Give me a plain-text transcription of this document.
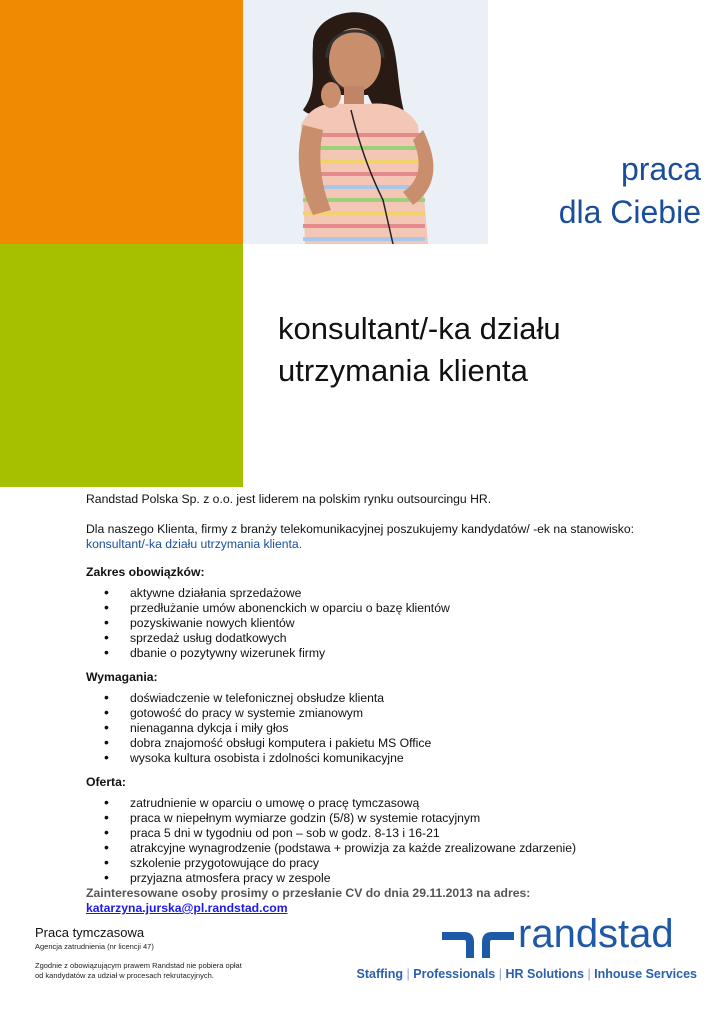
praca
dla Ciebie
konsultant/-ka działu
utrzymania klienta

Randstad Polska Sp. z o.o. jest liderem na polskim rynku outsourcingu HR.

Dla naszego Klienta, firmy z branży telekomunikacyjnej poszukujemy kandydatów/ -ek na stanowisko: konsultant/-ka działu utrzymania klienta.

Zakres obowiązków:

• aktywne działania sprzedażowe
• przedłużanie umów abonenckich w oparciu o bazę klientów
• pozyskiwanie nowych klientów
• sprzedaż usług dodatkowych
• dbanie o pozytywny wizerunek firmy

Wymagania:

• doświadczenie w telefonicznej obsłudze klienta
• gotowość do pracy w systemie zmianowym
• nienaganna dykcja i miły głos
• dobra znajomość obsługi komputera i pakietu MS Office
• wysoka kultura osobista i zdolności komunikacyjne

Oferta:

• zatrudnienie w oparciu o umowę o pracę tymczasową
• praca w niepełnym wymiarze godzin (5/8) w systemie rotacyjnym
• praca 5 dni w tygodniu od pon – sob w godz. 8-13 i 16-21
• atrakcyjne wynagrodzenie (podstawa + prowizja za każde zrealizowane zdarzenie)
• szkolenie przygotowujące do pracy
• przyjazna atmosfera pracy w zespole
Zainteresowane osoby prosimy o przesłanie CV do dnia 29.11.2013 na adres:
katarzyna.jurska@pl.randstad.com
Praca tymczasowa
Agencja zatrudnienia (nr licencji 47)
Zgodnie z obowiązującym prawem Randstad nie pobiera opłat
od kandydatów za udział w procesach rekrutacyjnych.
randstad
Staffing | Professionals | HR Solutions | Inhouse Services
